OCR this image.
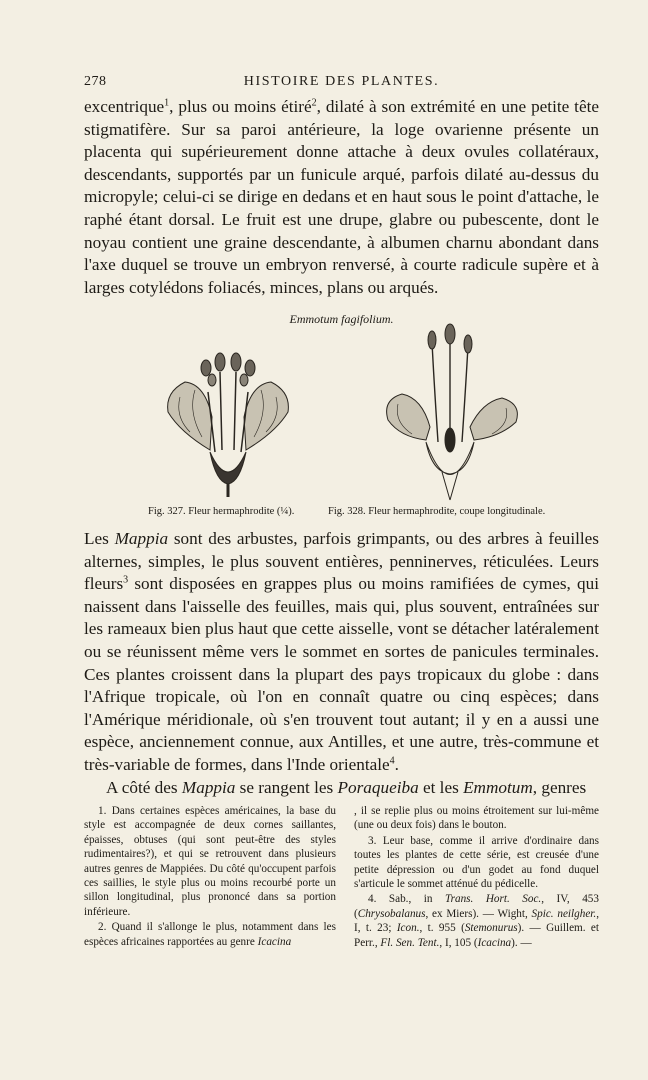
278	HISTOIRE DES PLANTES.
excentrique$^1$, plus ou moins étiré$^2$, dilaté à son extrémité en une petite tête stigmatifère. Sur sa paroi antérieure, la loge ovarienne présente un placenta qui supérieurement donne attache à deux ovules collatéraux, descendants, supportés par un funicule arqué, parfois dilaté au-dessus du micropyle; celui-ci se dirige en dedans et en haut sous le point d'attache, le raphé étant dorsal. Le fruit est une drupe, glabre ou pubescente, dont le noyau contient une graine descendante, à albumen charnu abondant dans l'axe duquel se trouve un embryon renversé, à courte radicule supère et à larges cotylédons foliacés, minces, plans ou arqués.
Emmotum fagifolium.
Fig. 327. Fleur hermaphrodite (¼).	Fig. 328. Fleur hermaphrodite, coupe longitudinale.
Les Mappia sont des arbustes, parfois grimpants, ou des arbres à feuilles alternes, simples, le plus souvent entières, penninerves, réticulées. Leurs fleurs$^3$ sont disposées en grappes plus ou moins ramifiées de cymes, qui naissent dans l'aisselle des feuilles, mais qui, plus souvent, entraînées sur les rameaux bien plus haut que cette aisselle, vont se détacher latéralement ou se réunissent même vers le sommet en sortes de panicules terminales. Ces plantes croissent dans la plupart des pays tropicaux du globe : dans l'Afrique tropicale, où l'on en connaît quatre ou cinq espèces; dans l'Amérique méridionale, où s'en trouvent tout autant; il y en a aussi une espèce, anciennement connue, aux Antilles, et une autre, très-commune et très-variable de formes, dans l'Inde orientale$^4$.
A côté des Mappia se rangent les Poraqueiba et les Emmotum, genres

1. Dans certaines espèces américaines, la base du style est accompagnée de deux cornes saillantes, épaisses, obtuses (qui sont peut-être des styles rudimentaires?), et qui se retrouvent dans plusieurs autres genres de Mappiées. Du côté qu'occupent parfois ces saillies, le style plus ou moins recourbé porte un sillon longitudinal, plus prononcé dans sa portion inférieure.

2. Quand il s'allonge le plus, notamment dans les espèces africaines rapportées au genre Icacina

, il se replie plus ou moins étroitement sur lui-même (une ou deux fois) dans le bouton.

3. Leur base, comme il arrive d'ordinaire dans toutes les plantes de cette série, est creusée d'une petite dépression ou d'un godet au fond duquel s'articule le sommet atténué du pédicelle.

4. Sab., in Trans. Hort. Soc., IV, 453 (Chrysobalanus, ex Miers). — Wight, Spic. neilgher., I, t. 23; Icon., t. 955 (Stemonurus). — Guillem. et Perr., Fl. Sen. Tent., I, 105 (Icacina). —
